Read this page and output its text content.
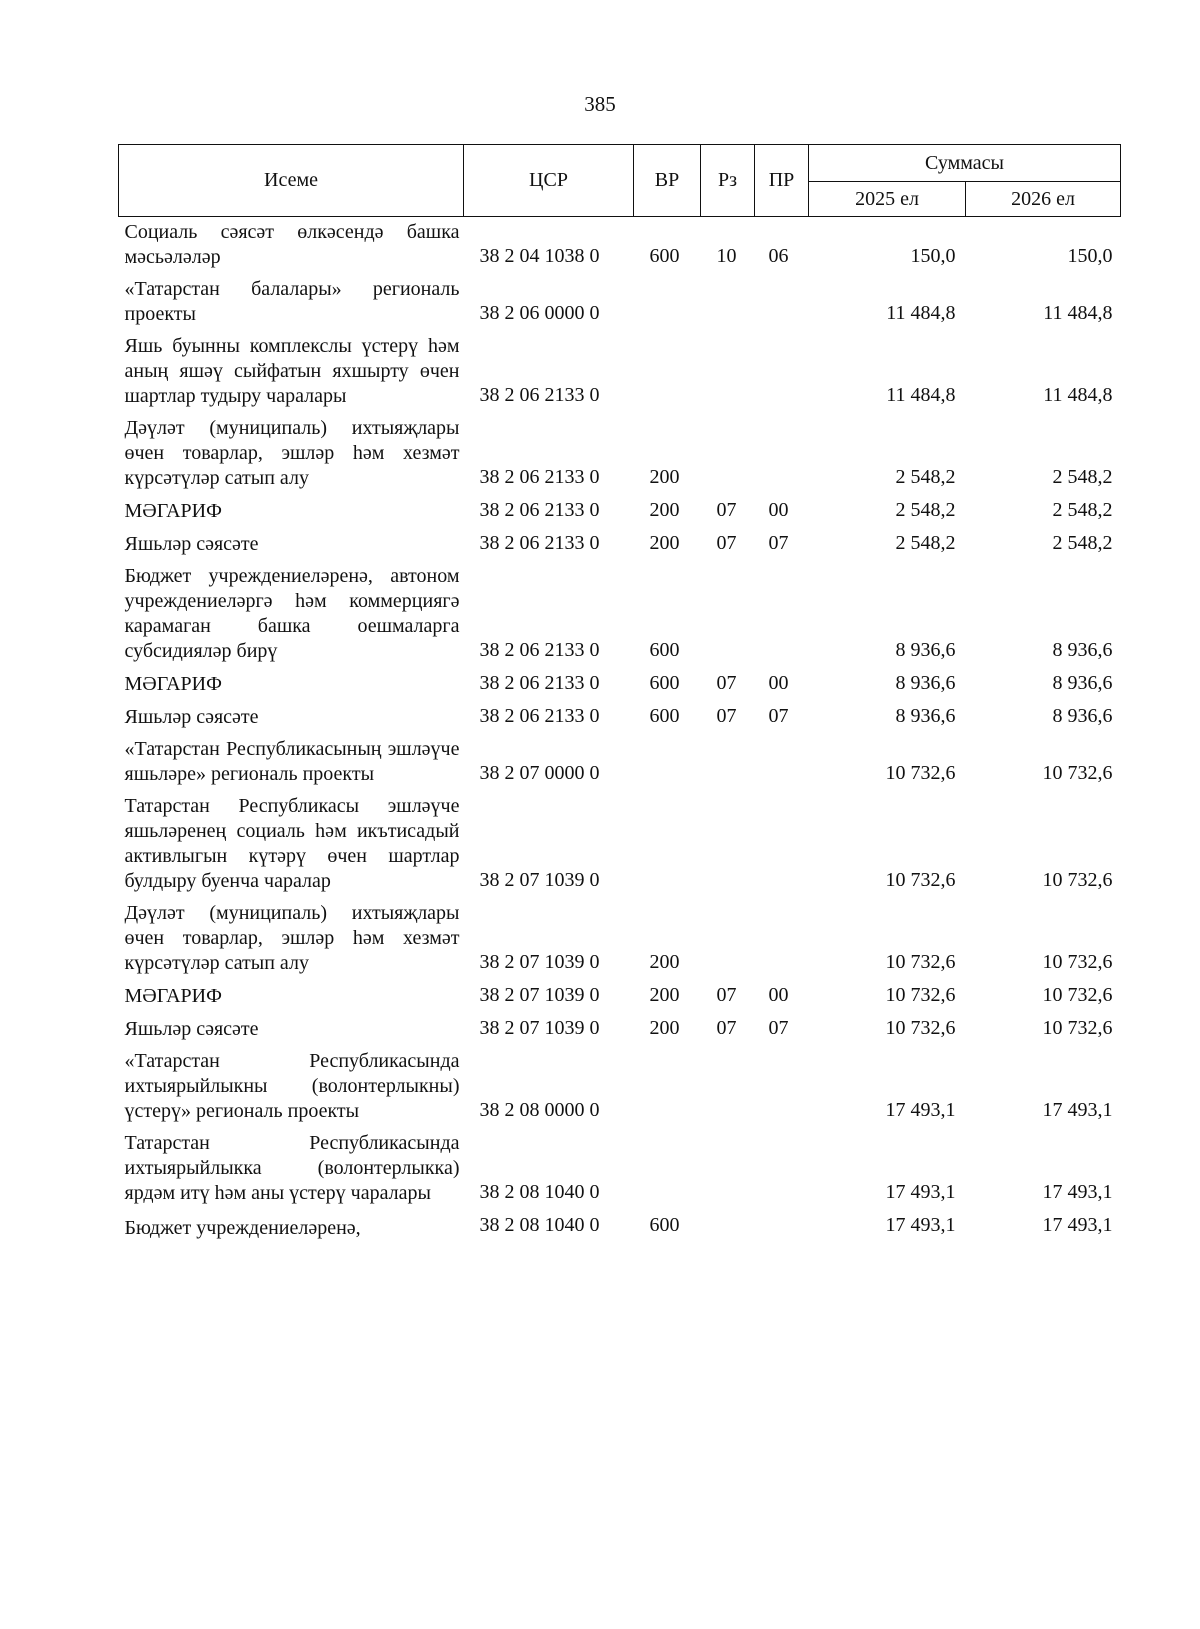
385
Исеме	ЦСР	ВР	Рз	ПР	Суммасы	
					2025 ел	2026 ел
Социаль сәясәт өлкәсендә башка мәсьәләләр	38 2 04 1038 0	600	10	06	150,0	150,0
«Татарстан балалары» региональ проекты	38 2 06 0000 0				11 484,8	11 484,8
Яшь буынны комплекслы үстерү һәм аның яшәү сыйфатын яхшырту өчен шартлар тудыру чаралары	38 2 06 2133 0				11 484,8	11 484,8
Дәүләт (муниципаль) ихтыяҗлары өчен товарлар, эшләр һәм хезмәт күрсәтүләр сатып алу	38 2 06 2133 0	200			2 548,2	2 548,2
МӘГАРИФ	38 2 06 2133 0	200	07	00	2 548,2	2 548,2
Яшьләр сәясәте	38 2 06 2133 0	200	07	07	2 548,2	2 548,2
Бюджет учреждениеләренә, автоном учреждениеләргә һәм коммерциягә карамаган башка оешмаларга субсидияләр бирү	38 2 06 2133 0	600			8 936,6	8 936,6
МӘГАРИФ	38 2 06 2133 0	600	07	00	8 936,6	8 936,6
Яшьләр сәясәте	38 2 06 2133 0	600	07	07	8 936,6	8 936,6
«Татарстан Республикасының эшләүче яшьләре» региональ проекты	38 2 07 0000 0				10 732,6	10 732,6
Татарстан Республикасы эшләүче яшьләренең социаль һәм икътисадый активлыгын күтәрү өчен шартлар булдыру буенча чаралар	38 2 07 1039 0				10 732,6	10 732,6
Дәүләт (муниципаль) ихтыяҗлары өчен товарлар, эшләр һәм хезмәт күрсәтүләр сатып алу	38 2 07 1039 0	200			10 732,6	10 732,6
МӘГАРИФ	38 2 07 1039 0	200	07	00	10 732,6	10 732,6
Яшьләр сәясәте	38 2 07 1039 0	200	07	07	10 732,6	10 732,6
«Татарстан Республикасында ихтыярыйлыкны (волонтерлыкны) үстерү» региональ проекты	38 2 08 0000 0				17 493,1	17 493,1
Татарстан Республикасында ихтыярыйлыкка (волонтерлыкка) ярдәм итү һәм аны үстерү чаралары	38 2 08 1040 0				17 493,1	17 493,1
Бюджет учреждениеләренә,	38 2 08 1040 0	600			17 493,1	17 493,1
